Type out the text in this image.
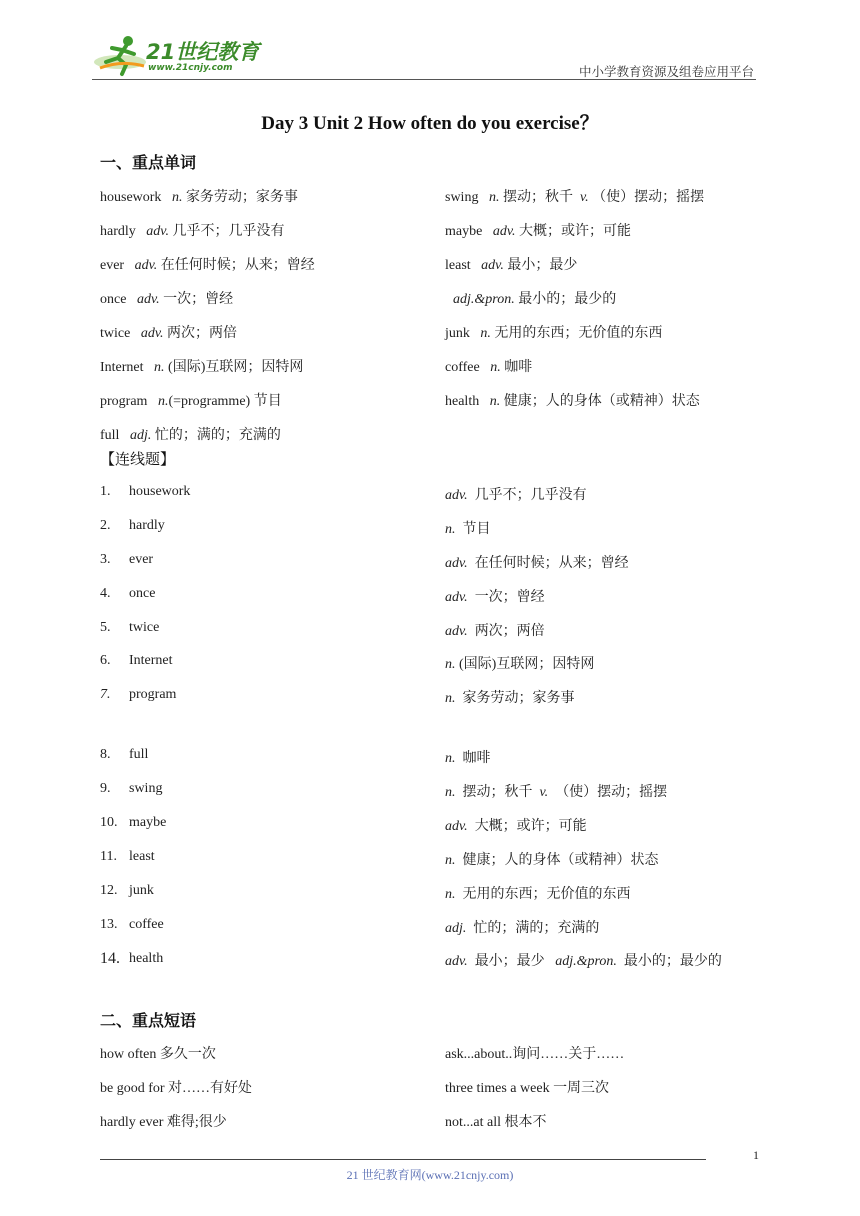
21世纪教育
www.21cnjy.com	中小学教育资源及组卷应用平台
Day 3 Unit 2 How often do you exercise？
一、重点单词
housework n. 家务劳动；家务事
hardly adv. 几乎不；几乎没有
ever adv. 在任何时候；从来；曾经
once adv. 一次；曾经
twice adv. 两次；两倍
Internet n. (国际)互联网；因特网
program n.(=programme) 节目
full adj. 忙的；满的；充满的
swing n. 摆动；秋千 v. （使）摆动；摇摆
maybe adv. 大概；或许；可能
least adv. 最小；最少
adj.&pron. 最小的；最少的
junk n. 无用的东西；无价值的东西
coffee n. 咖啡
health n. 健康；人的身体（或精神）状态
【连线题】
1. housework	adv. 几乎不；几乎没有
2. hardly	n. 节目
3. ever	adv. 在任何时候；从来；曾经
4. once	adv. 一次；曾经
5. twice	adv. 两次；两倍
6. Internet	n. (国际)互联网；因特网
7. program	n. 家务劳动；家务事
8. full	n. 咖啡
9. swing	n. 摆动；秋千 v. （使）摆动；摇摆
10. maybe	adv. 大概；或许；可能
11. least	n. 健康；人的身体（或精神）状态
12. junk	n. 无用的东西；无价值的东西
13. coffee	adj. 忙的；满的；充满的
14. health	adv. 最小；最少 adj.&pron. 最小的；最少的
二、重点短语
how often 多久一次
be good for 对……有好处
hardly ever 难得;很少
ask...about..询问……关于……
three times a week 一周三次
not...at all 根本不
1
21 世纪教育网(www.21cnjy.com)
